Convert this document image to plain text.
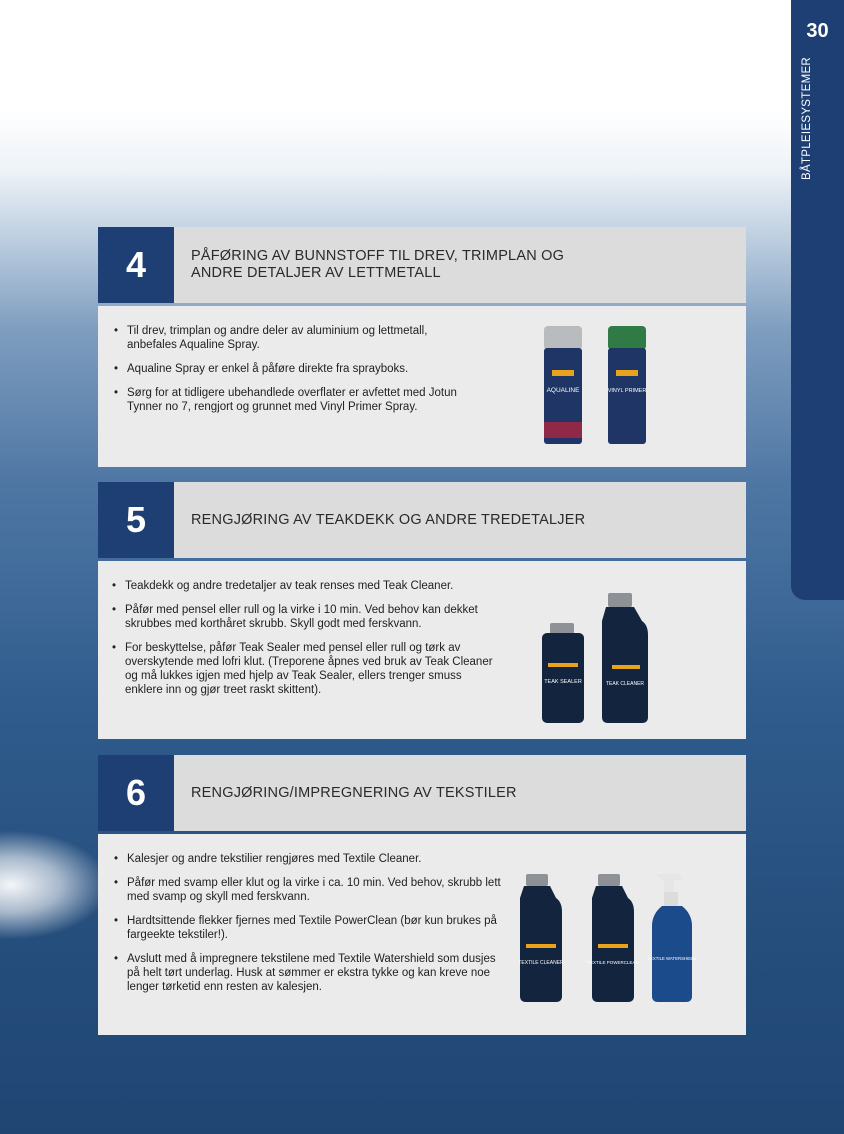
30
BÅTPLEIESYSTEMER
4	PÅFØRING AV BUNNSTOFF TIL DREV, TRIMPLAN OG
ANDRE DETALJER AV LETTMETALL
• Til drev, trimplan og andre deler av aluminium og lettmetall, anbefales Aqualine Spray.
• Aqualine Spray er enkel å påføre direkte fra sprayboks.
• Sørg for at tidligere ubehandlede overflater er avfettet med Jotun Tynner no 7, rengjort og grunnet med Vinyl Primer Spray.
AQUALINE	VINYL PRIMER
5	RENGJØRING AV TEAKDEKK OG ANDRE TREDETALJER
• Teakdekk og andre tredetaljer av teak renses med Teak Cleaner.
• Påfør med pensel eller rull og la virke i 10 min. Ved behov kan dekket skrubbes med korthåret skrubb. Skyll godt med ferskvann.
• For beskyttelse, påfør Teak Sealer med pensel eller rull og tørk av overskytende med lofri klut. (Treporene åpnes ved bruk av Teak Cleaner og må lukkes igjen med hjelp av Teak Sealer, ellers trenger smuss enklere inn og gjør treet raskt skittent).
TEAK SEALER	TEAK CLEANER
6	RENGJØRING/IMPREGNERING AV TEKSTILER
• Kalesjer og andre tekstilier rengjøres med Textile Cleaner.
• Påfør med svamp eller klut og la virke i ca. 10 min. Ved behov, skrubb lett med svamp og skyll med ferskvann.
• Hardtsittende flekker fjernes med Textile PowerClean (bør kun brukes på fargeekte tekstiler!).
• Avslutt med å impregnere tekstilene med Textile Watershield som dusjes på helt tørt underlag. Husk at sømmer er ekstra tykke og kan kreve noe lenger tørketid enn resten av kalesjen.
TEXTILE CLEANER	TEXTILE POWERCLEAN
TEXTILE WATERSHIELD
